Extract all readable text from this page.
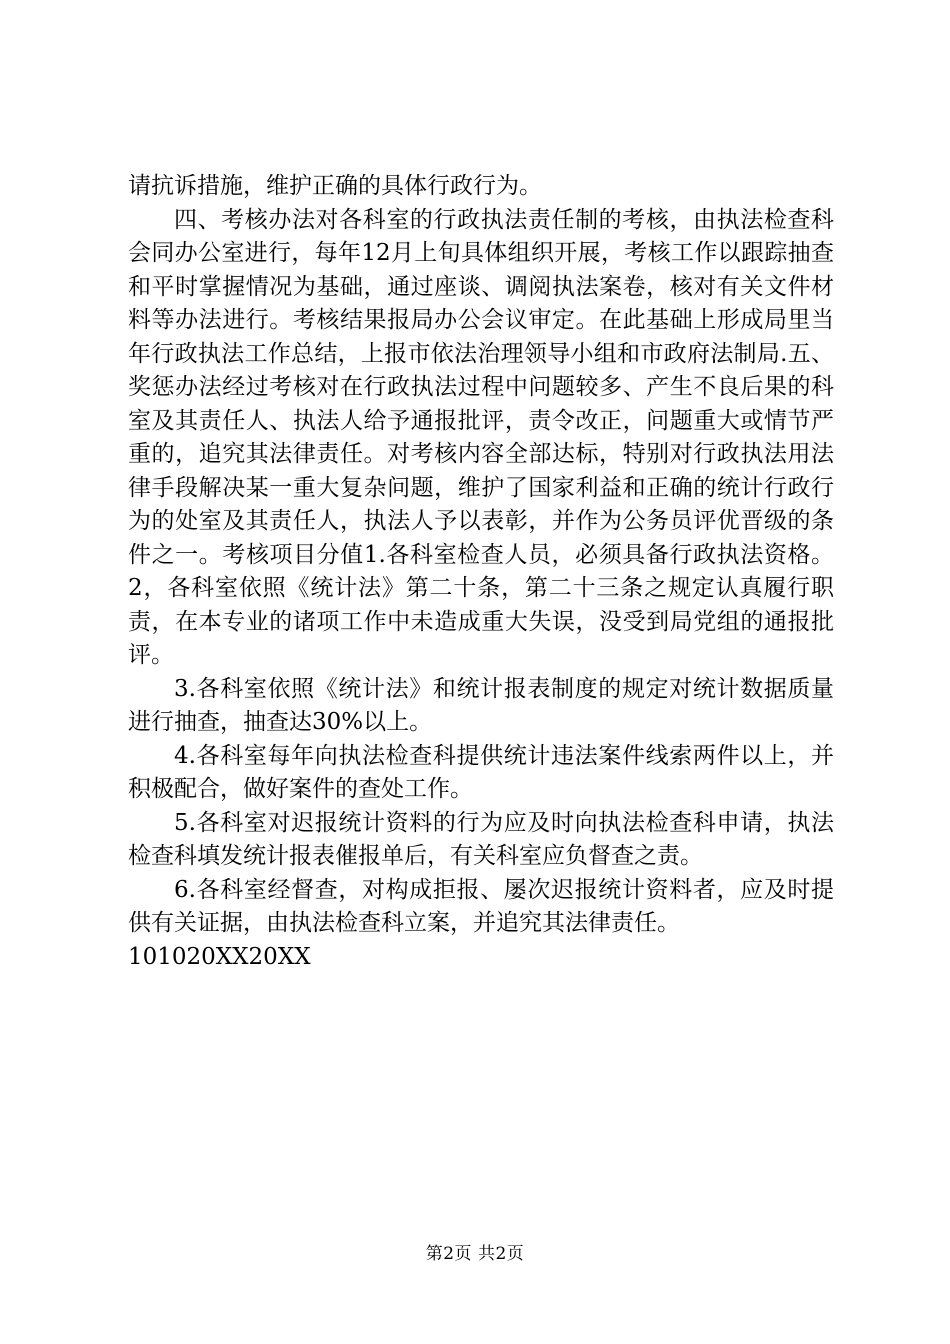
请抗诉措施，维护正确的具体行政行为。

四、考核办法对各科室的行政执法责任制的考核，由执法检查科会同办公室进行，每年12月上旬具体组织开展，考核工作以跟踪抽查和平时掌握情况为基础，通过座谈、调阅执法案卷，核对有关文件材料等办法进行。考核结果报局办公会议审定。在此基础上形成局里当年行政执法工作总结，上报市依法治理领导小组和市政府法制局.五、奖惩办法经过考核对在行政执法过程中问题较多、产生不良后果的科室及其责任人、执法人给予通报批评，责令改正，问题重大或情节严重的，追究其法律责任。对考核内容全部达标，特别对行政执法用法律手段解决某一重大复杂问题，维护了国家利益和正确的统计行政行为的处室及其责任人，执法人予以表彰，并作为公务员评优晋级的条件之一。考核项目分值1.各科室检查人员，必须具备行政执法资格。2，各科室依照《统计法》第二十条，第二十三条之规定认真履行职责，在本专业的诸项工作中未造成重大失误，没受到局党组的通报批评。

3.各科室依照《统计法》和统计报表制度的规定对统计数据质量进行抽查，抽查达30%以上。

4.各科室每年向执法检查科提供统计违法案件线索两件以上，并积极配合，做好案件的查处工作。

5.各科室对迟报统计资料的行为应及时向执法检查科申请，执法检查科填发统计报表催报单后，有关科室应负督查之责。

6.各科室经督查，对构成拒报、屡次迟报统计资料者，应及时提供有关证据，由执法检查科立案，并追究其法律责任。

101020XX20XX

第2页 共2页
